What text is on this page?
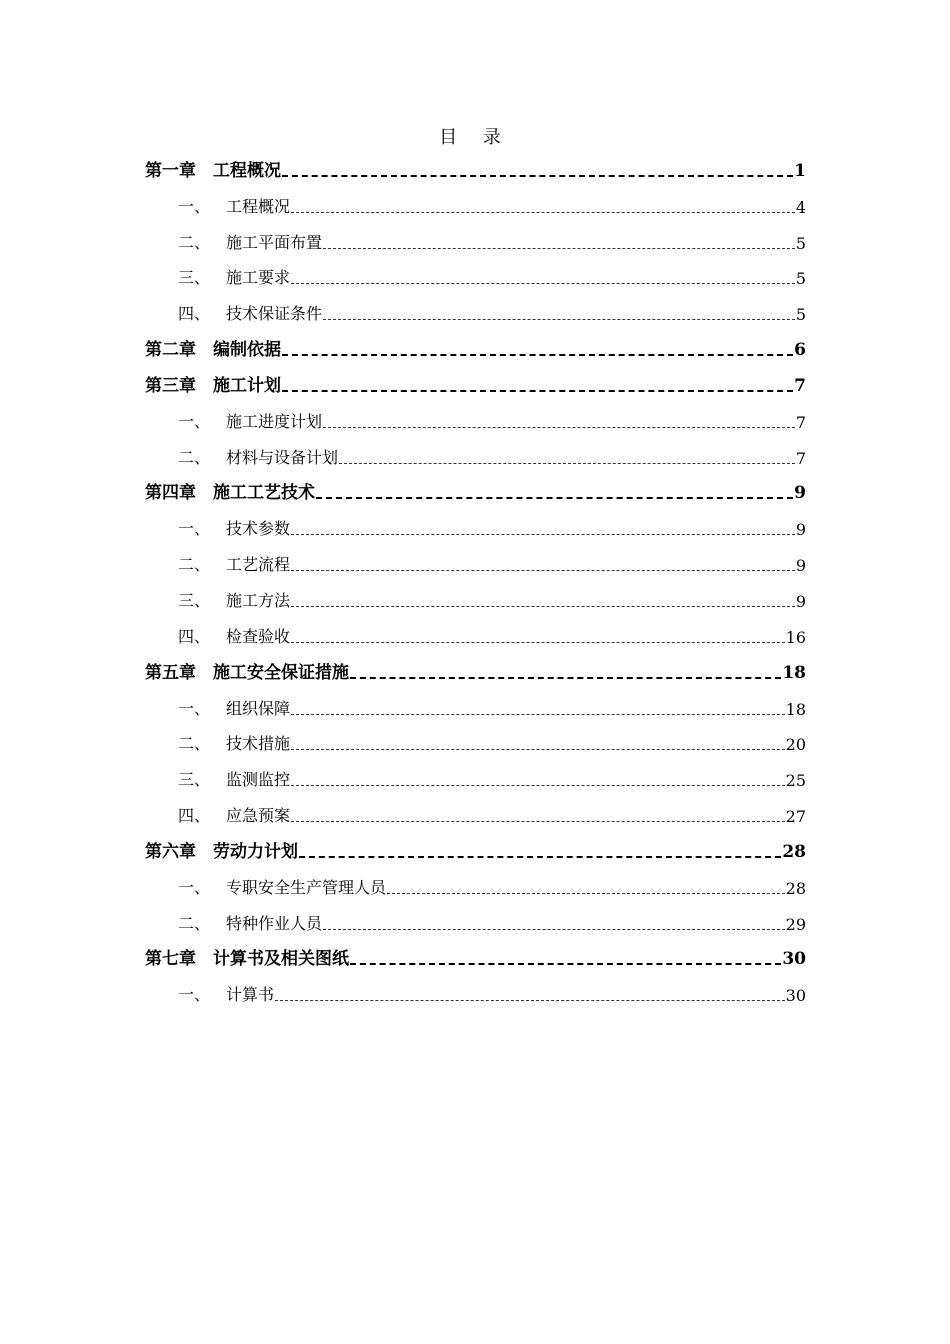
目 录
第一章	工程概况	1
一、 工程概况	4
二、 施工平面布置	5
三、 施工要求	5
四、 技术保证条件	5
第二章	编制依据	6
第三章	施工计划	7
一、 施工进度计划	7
二、 材料与设备计划	7
第四章	施工工艺技术	9
一、 技术参数	9
二、 工艺流程	9
三、 施工方法	9
四、 检查验收	16
第五章	施工安全保证措施	18
一、 组织保障	18
二、 技术措施	20
三、 监测监控	25
四、 应急预案	27
第六章	劳动力计划	28
一、 专职安全生产管理人员	28
二、 特种作业人员	29
第七章	计算书及相关图纸	30
一、 计算书	30
